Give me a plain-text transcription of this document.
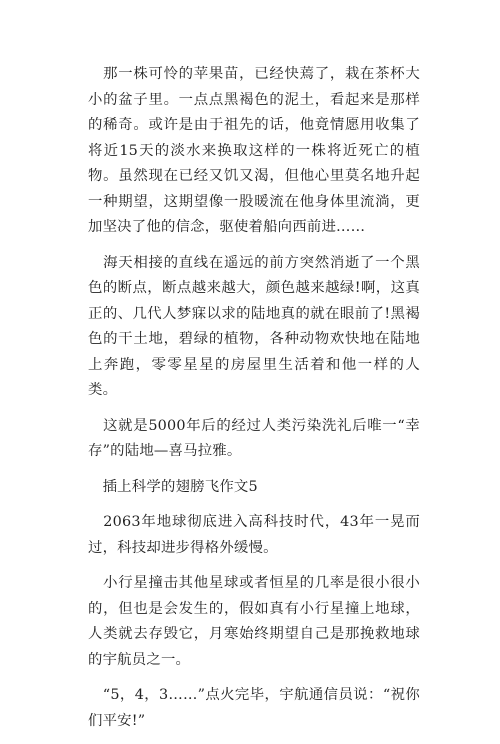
　那一株可怜的苹果苗，已经快蔫了，栽在茶杯大小的盆子里。一点点黑褐色的泥土，看起来是那样的稀奇。或许是由于祖先的话，他竟情愿用收集了将近15天的淡水来换取这样的一株将近死亡的植物。虽然现在已经又饥又渴，但他心里莫名地升起一种期望，这期望像一股暖流在他身体里流淌，更加坚决了他的信念，驱使着船向西前进……

　海天相接的直线在遥远的前方突然消逝了一个黑色的断点，断点越来越大，颜色越来越绿!啊，这真正的、几代人梦寐以求的陆地真的就在眼前了!黑褐色的干土地，碧绿的植物，各种动物欢快地在陆地上奔跑，零零星星的房屋里生活着和他一样的人类。

　这就是5000年后的经过人类污染洗礼后唯一“幸存”的陆地—喜马拉雅。

　插上科学的翅膀飞作文5

　2063年地球彻底进入高科技时代，43年一晃而过，科技却进步得格外缓慢。

　小行星撞击其他星球或者恒星的几率是很小很小的，但也是会发生的，假如真有小行星撞上地球，人类就去存毁它，月寒始终期望自己是那挽救地球的宇航员之一。

　“5，4，3……”点火完毕，宇航通信员说：“祝你们平安!”
